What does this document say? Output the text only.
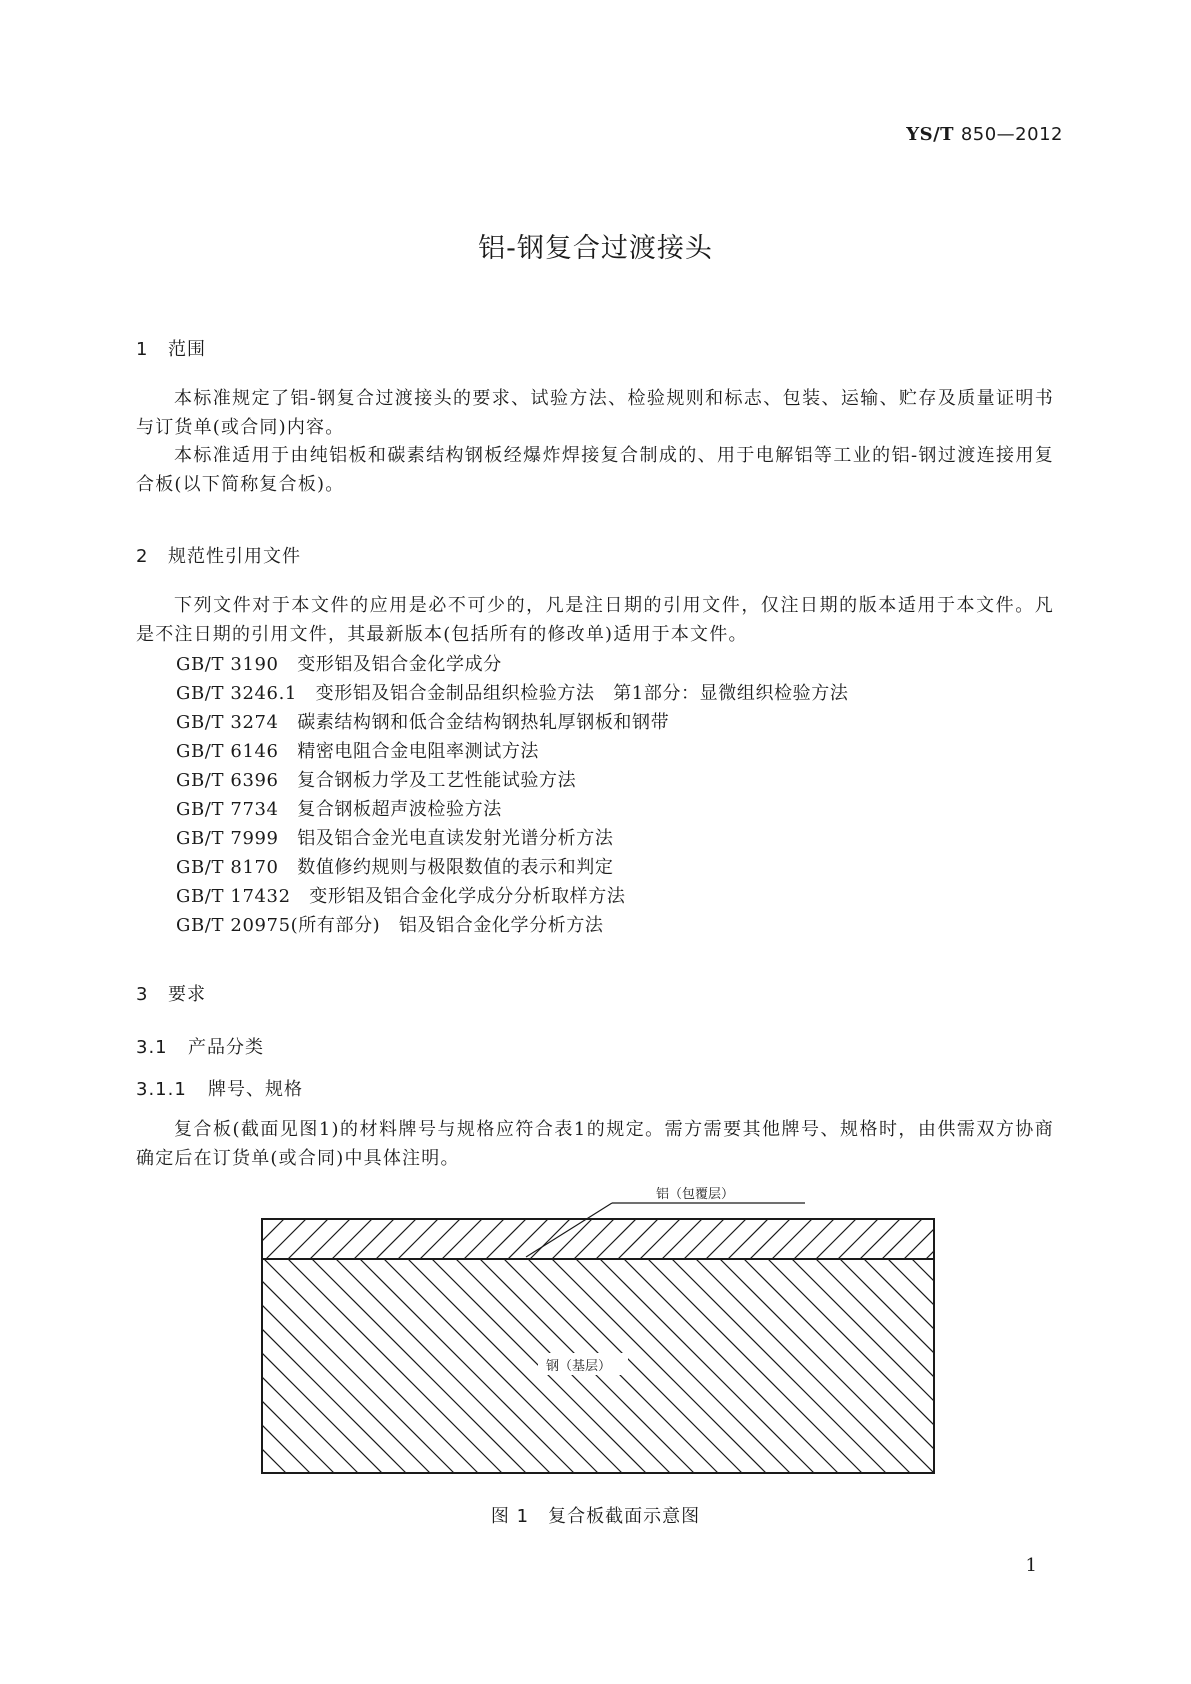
YS/T 850—2012
铝-钢复合过渡接头
1 范围
本标准规定了铝-钢复合过渡接头的要求、试验方法、检验规则和标志、包装、运输、贮存及质量证明书与订货单(或合同)内容。
本标准适用于由纯铝板和碳素结构钢板经爆炸焊接复合制成的、用于电解铝等工业的铝-钢过渡连接用复合板(以下简称复合板)。
2 规范性引用文件
下列文件对于本文件的应用是必不可少的，凡是注日期的引用文件，仅注日期的版本适用于本文件。凡是不注日期的引用文件，其最新版本(包括所有的修改单)适用于本文件。
GB/T 3190　 变形铝及铝合金化学成分
GB/T 3246.1　 变形铝及铝合金制品组织检验方法　第1部分：显微组织检验方法
GB/T 3274　 碳素结构钢和低合金结构钢热轧厚钢板和钢带
GB/T 6146　 精密电阻合金电阻率测试方法
GB/T 6396　 复合钢板力学及工艺性能试验方法
GB/T 7734　 复合钢板超声波检验方法
GB/T 7999　 铝及铝合金光电直读发射光谱分析方法
GB/T 8170　 数值修约规则与极限数值的表示和判定
GB/T 17432　 变形铝及铝合金化学成分分析取样方法
GB/T 20975(所有部分)　 铝及铝合金化学分析方法
3 要求
3.1 产品分类
3.1.1 牌号、规格
复合板(截面见图1)的材料牌号与规格应符合表1的规定。需方需要其他牌号、规格时，由供需双方协商确定后在订货单(或合同)中具体注明。
铝（包覆层）
钢（基层）
图 1　 复合板截面示意图
1
